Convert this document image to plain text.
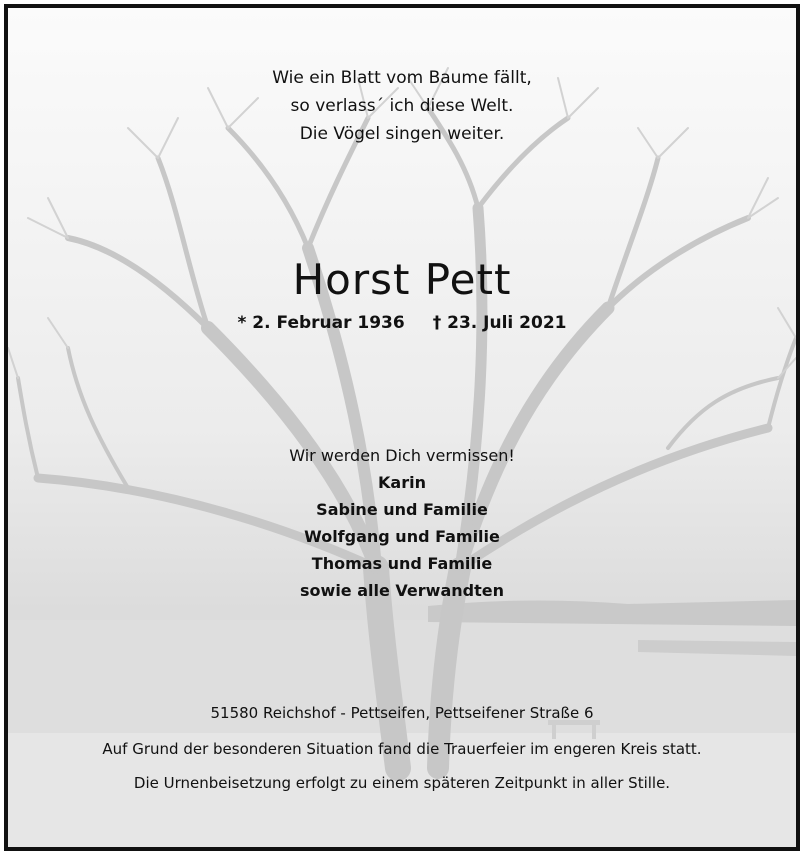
Wie ein Blatt vom Baume fällt,
so verlass´ ich diese Welt.
Die Vögel singen weiter.
Horst Pett
* 2. Februar 1936 † 23. Juli 2021
Wir werden Dich vermissen!
Karin
Sabine und Familie
Wolfgang und Familie
Thomas und Familie
sowie alle Verwandten
51580 Reichshof - Pettseifen, Pettseifener Straße 6
Auf Grund der besonderen Situation fand die Trauerfeier im engeren Kreis statt.
Die Urnenbeisetzung erfolgt zu einem späteren Zeitpunkt in aller Stille.
